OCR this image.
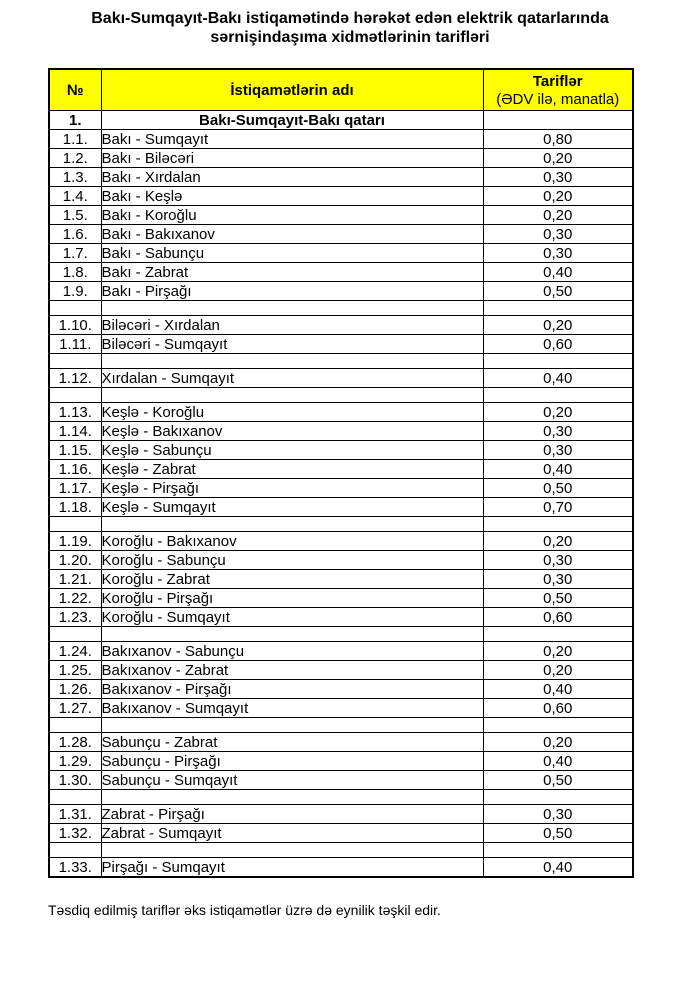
Bakı-Sumqayıt-Bakı istiqamətində hərəkət edən elektrik qatarlarında
sərnişindaşıma xidmətlərinin tarifləri
№	İstiqamətlərin adı	Tariflər
(ƏDV ilə, manatla)

1.	Bakı-Sumqayıt-Bakı qatarı	
1.1.	Bakı - Sumqayıt	0,80
1.2.	Bakı - Biləcəri	0,20
1.3.	Bakı - Xırdalan	0,30
1.4.	Bakı - Keşlə	0,20
1.5.	Bakı - Koroğlu	0,20
1.6.	Bakı - Bakıxanov	0,30
1.7.	Bakı - Sabunçu	0,30
1.8.	Bakı - Zabrat	0,40
1.9.	Bakı - Pirşağı	0,50

1.10.	Biləcəri - Xırdalan	0,20
1.11.	Biləcəri - Sumqayıt	0,60

1.12.	Xırdalan - Sumqayıt	0,40

1.13.	Keşlə - Koroğlu	0,20
1.14.	Keşlə - Bakıxanov	0,30
1.15.	Keşlə - Sabunçu	0,30
1.16.	Keşlə - Zabrat	0,40
1.17.	Keşlə - Pirşağı	0,50
1.18.	Keşlə - Sumqayıt	0,70

1.19.	Koroğlu - Bakıxanov	0,20
1.20.	Koroğlu - Sabunçu	0,30
1.21.	Koroğlu - Zabrat	0,30
1.22.	Koroğlu - Pirşağı	0,50
1.23.	Koroğlu - Sumqayıt	0,60

1.24.	Bakıxanov - Sabunçu	0,20
1.25.	Bakıxanov - Zabrat	0,20
1.26.	Bakıxanov - Pirşağı	0,40
1.27.	Bakıxanov - Sumqayıt	0,60

1.28.	Sabunçu - Zabrat	0,20
1.29.	Sabunçu - Pirşağı	0,40
1.30.	Sabunçu - Sumqayıt	0,50

1.31.	Zabrat - Pirşağı	0,30
1.32.	Zabrat - Sumqayıt	0,50

1.33.	Pirşağı - Sumqayıt	0,40
Təsdiq edilmiş tariflər əks istiqamətlər üzrə də eynilik təşkil edir.
